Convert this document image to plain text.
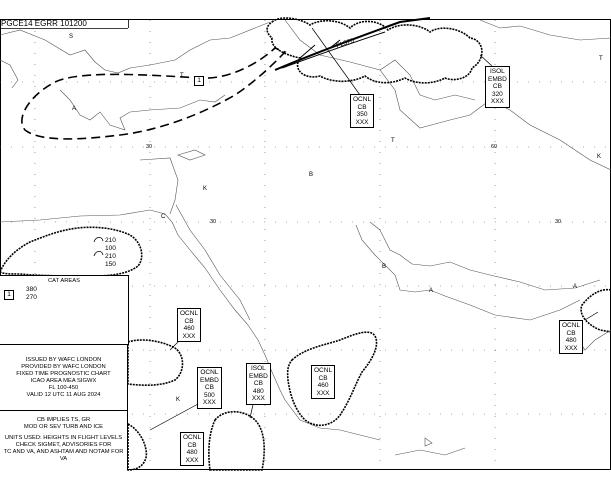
PGCE14 EGRR 101200
1
FL370
210
100
210
150
OCNL
CB
350
XXX
ISOL
EMBD
CB
320
XXX
OCNL
CB
460
XXX
OCNL
EMBD
CB
500
XXX
ISOL
EMBD
CB
480
XXX
OCNL
CB
460
XXX
OCNL
CB
480
XXX
OCNL
CB
480
XXX
30	60
30	30
S
A
T
B
T
T
K
C
B
A
A
K
K
CAT AREAS
1
380
270
ISSUED BY WAFC LONDON
PROVIDED BY WAFC LONDON
FIXED TIME PROGNOSTIC CHART
ICAO AREA MEA SIGWX
FL 100-450
VALID 12 UTC 11 AUG 2024
CB IMPLIES TS, GR
MOD OR SEV TURB AND ICE
UNITS USED: HEIGHTS IN FLIGHT LEVELS
CHECK SIGMET, ADVISORIES FOR
TC AND VA, AND ASHTAM AND NOTAM FOR VA
